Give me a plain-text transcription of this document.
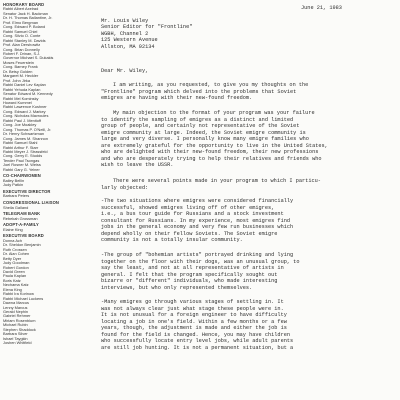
HONORARY BOARD
Rabbi Albert Axelrad
Senator Jack H. Backman
Dr. H. Thomas Ballantine, Jr.
Prof. Elmo Bergman
Cong. Edward P. Boland
Rabbi Samuel Chiel
Cong. Silvio O. Conte
Rabbi Stanley M. Davids
Prof. Alan Dershowitz
Cong. Brian Donnelly
Robert F. Drinan, S.J.
Governor Michael S. Dukakis
Moses Feuerstein
Cong. Barney Frank
Dr. Betsy Golden
Margaret M. Heckler
Prof. John Jirka
Rabbi Daniel Lev Kaplan
Rabbi Yehuda Kaplan
Senator Edward M. Kennedy
Rabbi Mel Kominsky
Howard Kummel
Rabbi Lawrence Kushner
Cong. Edward J. Markey
Cong. Nicholas Mavroules
Rabbi Paul J. Menitoff
Cong. Joe Moakley
Cong. Thomas P. O'Neill, Jr.
Dr. Henry Schwartzman
Cong. James M. Shannon
Rabbi Samuel Stahl
Rabbi Arthur F. Starr
Rabbi Meyer J. Strassfeld
Cong. Gerry E. Studds
Tender Paul Tsongas
Joel Rosner M. Weiss
Rabbi Gary G. Yelner
CO-CHAIRWOMEN
Bailey Bellin
Judy Patkin
EXECUTIVE DIRECTOR
Barbara Peters
CONGRESSIONAL LIAISON
Sheila Galland
TELEGRAM BANK
Rebekah Grossman
ADOPT-A-FAMILY
Elaine King
EXECUTIVE BOARD
Donna Ach
Dr. Sheldon Benjamin
Ruth Crossen
Dr. Alan Cohen
Betty Dyer
Judy Goodman
Robert Gordon
David Green
Paula Kaplan
Boris Katz
Nechama Katz
Elena King
Rabbi Ira Korinow
Rabbi Michael Luckens
Dawna Marcus
Lenny Marcus
Gerald Nephin
Gabriel Rehmer
Miriam Rosenblum
Michael Rubin
Stephen Shaddock
Barbara Silver
Ishael Taygkin
Joshen Whitfield
June 21, 1983
Mr. Louis Wiley
Senior Editor for "Frontline"
WGBH, Channel 2
125 Western Avenue
Allston, MA 02134
Dear Mr. Wiley,
I am writing, as you requested, to give you my thoughts on the
"Frontline" program which delved into the problems that Soviet
emigres are having with their new-found freedom.
My main objection to the format of your program was your failure
to identify the sampling of emigres as a distinct and limited
group of people, and certainly not representative of the Soviet
emigre community at large. Indeed, the Soviet emigre community is
large and very diverse. I personally know many emigre families who
are extremely grateful for the opportunity to live in the United States,
who are delighted with their new-found freedom, their new professions
and who are desperately trying to help their relatives and friends who
wish to leave the USSR.
There were several points made in your program to which I particu-
larly objected:
-The two situations where emigres were considered financially
successful, showed emigres living off of other emigres,
i.e., a bus tour guide for Russians and a stock investment
consultant for Russians. In my experience, most emigres find
jobs in the general economy and very few run businesses which
depend wholly on their fellow Soviets. The Soviet emigre
community is not a totally insular community.
-The group of "bohemian artists" portrayed drinking and lying
together on the floor with their dogs, was an unusual group, to
say the least, and not at all representative of artists in
general. I felt that the program specifically sought out
bizarre or "different" individuals, who made interesting
interviews, but who only represented themselves.
-Many emigres go through various stages of settling in. It
was not always clear just what stage these people were in.
It is not unusual for a foreign engineer to have difficulty
locating a job in one's field. Within a few months or a few
years, though, the adjustment is made and either the job is
found for the field is changed. Hence, you may have children
who successfully locate entry level jobs, while adult parents
are still job hunting. It is not a permanent situation, but a
